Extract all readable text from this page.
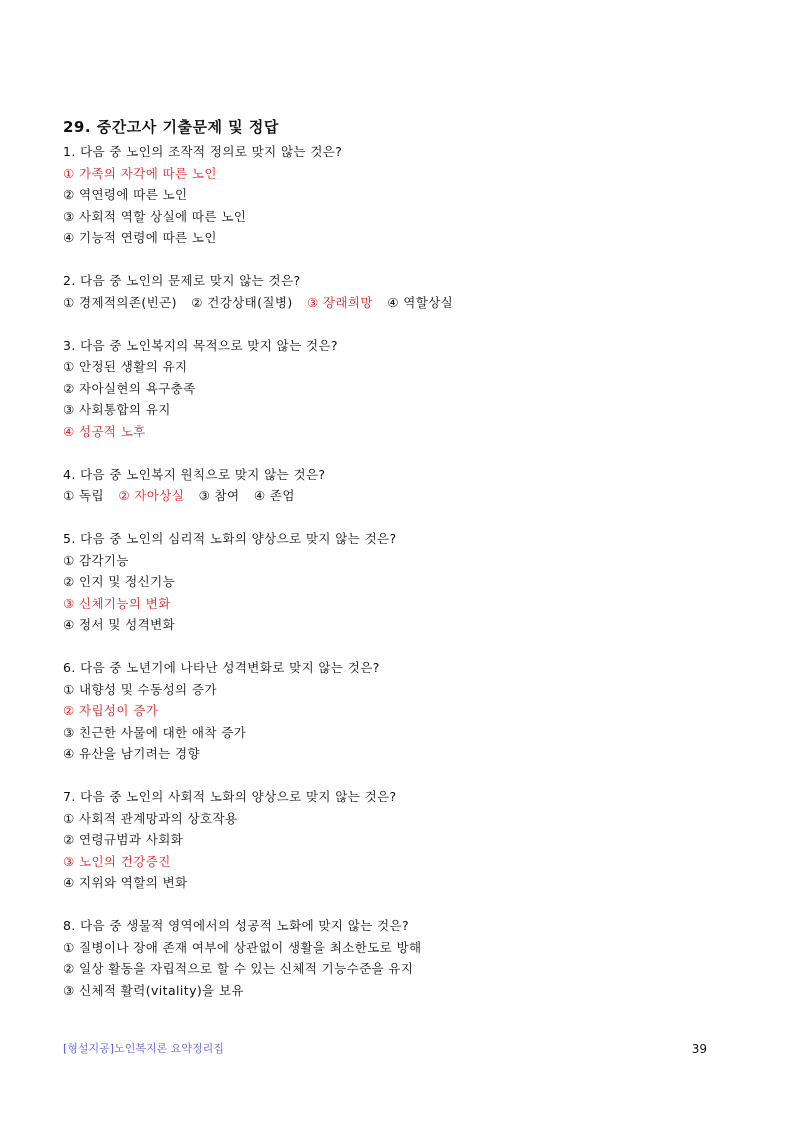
29. 중간고사 기출문제 및 정답
1. 다음 중 노인의 조작적 정의로 맞지 않는 것은?
① 가족의 자각에 따른 노인
② 역연령에 따른 노인
③ 사회적 역할 상실에 따른 노인
④ 기능적 연령에 따른 노인
2. 다음 중 노인의 문제로 맞지 않는 것은?
① 경제적의존(빈곤) ② 건강상태(질병) ③ 장래희망 ④ 역할상실
3. 다음 중 노인복지의 목적으로 맞지 않는 것은?
① 안정된 생활의 유지
② 자아실현의 욕구충족
③ 사회통합의 유지
④ 성공적 노후
4. 다음 중 노인복지 원칙으로 맞지 않는 것은?
① 독립 ② 자아상실 ③ 참여 ④ 존엄
5. 다음 중 노인의 심리적 노화의 양상으로 맞지 않는 것은?
① 감각기능
② 인지 및 정신기능
③ 신체기능의 변화
④ 정서 및 성격변화
6. 다음 중 노년기에 나타난 성격변화로 맞지 않는 것은?
① 내향성 및 수동성의 증가
② 자립성이 증가
③ 친근한 사물에 대한 애착 증가
④ 유산을 남기려는 경향
7. 다음 중 노인의 사회적 노화의 양상으로 맞지 않는 것은?
① 사회적 관계망과의 상호작용
② 연령규범과 사회화
③ 노인의 건강증진
④ 지위와 역할의 변화
8. 다음 중 생물적 영역에서의 성공적 노화에 맞지 않는 것은?
① 질병이나 장애 존재 여부에 상관없이 생활을 최소한도로 방해
② 일상 활동을 자립적으로 할 수 있는 신체적 기능수준을 유지
③ 신체적 활력(vitality)을 보유
[형설지공]노인복지론 요약정리집	39
